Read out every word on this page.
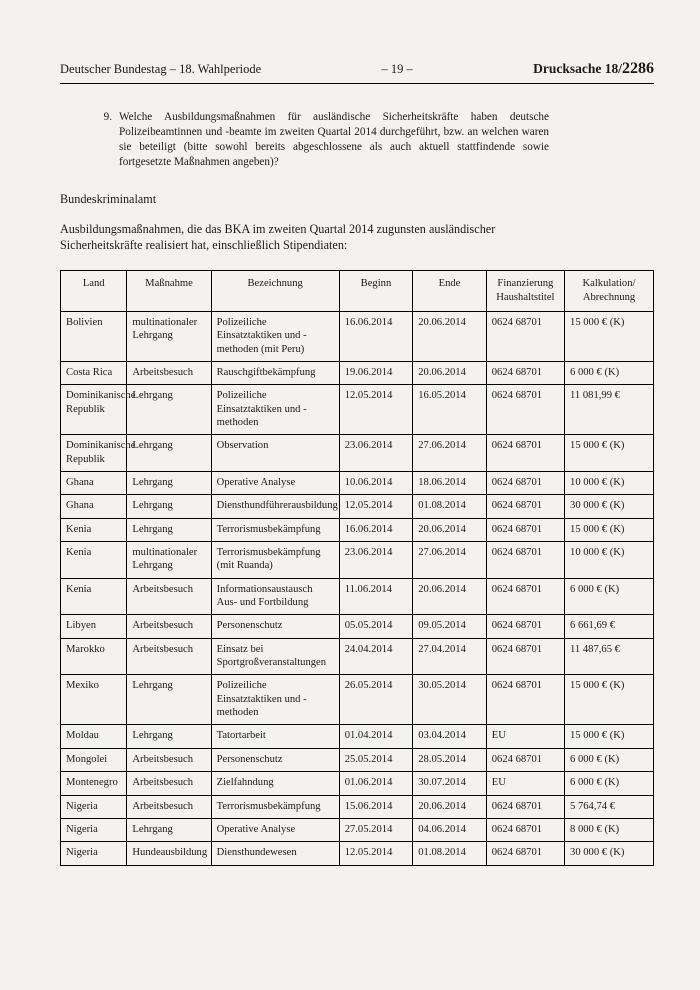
Deutscher Bundestag – 18. Wahlperiode	– 19 –	Drucksache 18/2286
9. Welche Ausbildungsmaßnahmen für ausländische Sicherheitskräfte haben deutsche Polizeibeamtinnen und -beamte im zweiten Quartal 2014 durchgeführt, bzw. an welchen waren sie beteiligt (bitte sowohl bereits abgeschlossene als auch aktuell stattfindende sowie fortgesetzte Maßnahmen angeben)?
Bundeskriminalamt
Ausbildungsmaßnahmen, die das BKA im zweiten Quartal 2014 zugunsten ausländischer Sicherheitskräfte realisiert hat, einschließlich Stipendiaten:
Land	Maßnahme	Bezeichnung	Beginn	Ende	Finanzierung Haushaltstitel	Kalkulation/ Abrechnung
Bolivien	multinationaler Lehrgang	Polizeiliche Einsatztaktiken und -methoden (mit Peru)	16.06.2014	20.06.2014	0624 68701	15 000 € (K)
Costa Rica	Arbeitsbesuch	Rauschgiftbekämpfung	19.06.2014	20.06.2014	0624 68701	6 000 € (K)
Dominikanische Republik	Lehrgang	Polizeiliche Einsatztaktiken und -methoden	12.05.2014	16.05.2014	0624 68701	11 081,99 €
Dominikanische Republik	Lehrgang	Observation	23.06.2014	27.06.2014	0624 68701	15 000 € (K)
Ghana	Lehrgang	Operative Analyse	10.06.2014	18.06.2014	0624 68701	10 000 € (K)
Ghana	Lehrgang	Diensthundführerausbildung	12.05.2014	01.08.2014	0624 68701	30 000 € (K)
Kenia	Lehrgang	Terrorismusbekämpfung	16.06.2014	20.06.2014	0624 68701	15 000 € (K)
Kenia	multinationaler Lehrgang	Terrorismusbekämpfung (mit Ruanda)	23.06.2014	27.06.2014	0624 68701	10 000 € (K)
Kenia	Arbeitsbesuch	Informationsaustausch Aus- und Fortbildung	11.06.2014	20.06.2014	0624 68701	6 000 € (K)
Libyen	Arbeitsbesuch	Personenschutz	05.05.2014	09.05.2014	0624 68701	6 661,69 €
Marokko	Arbeitsbesuch	Einsatz bei Sportgroßveranstaltungen	24.04.2014	27.04.2014	0624 68701	11 487,65 €
Mexiko	Lehrgang	Polizeiliche Einsatztaktiken und -methoden	26.05.2014	30.05.2014	0624 68701	15 000 € (K)
Moldau	Lehrgang	Tatortarbeit	01.04.2014	03.04.2014	EU	15 000 € (K)
Mongolei	Arbeitsbesuch	Personenschutz	25.05.2014	28.05.2014	0624 68701	6 000 € (K)
Montenegro	Arbeitsbesuch	Zielfahndung	01.06.2014	30.07.2014	EU	6 000 € (K)
Nigeria	Arbeitsbesuch	Terrorismusbekämpfung	15.06.2014	20.06.2014	0624 68701	5 764,74 €
Nigeria	Lehrgang	Operative Analyse	27.05.2014	04.06.2014	0624 68701	8 000 € (K)
Nigeria	Hundeausbildung	Diensthundewesen	12.05.2014	01.08.2014	0624 68701	30 000 € (K)
